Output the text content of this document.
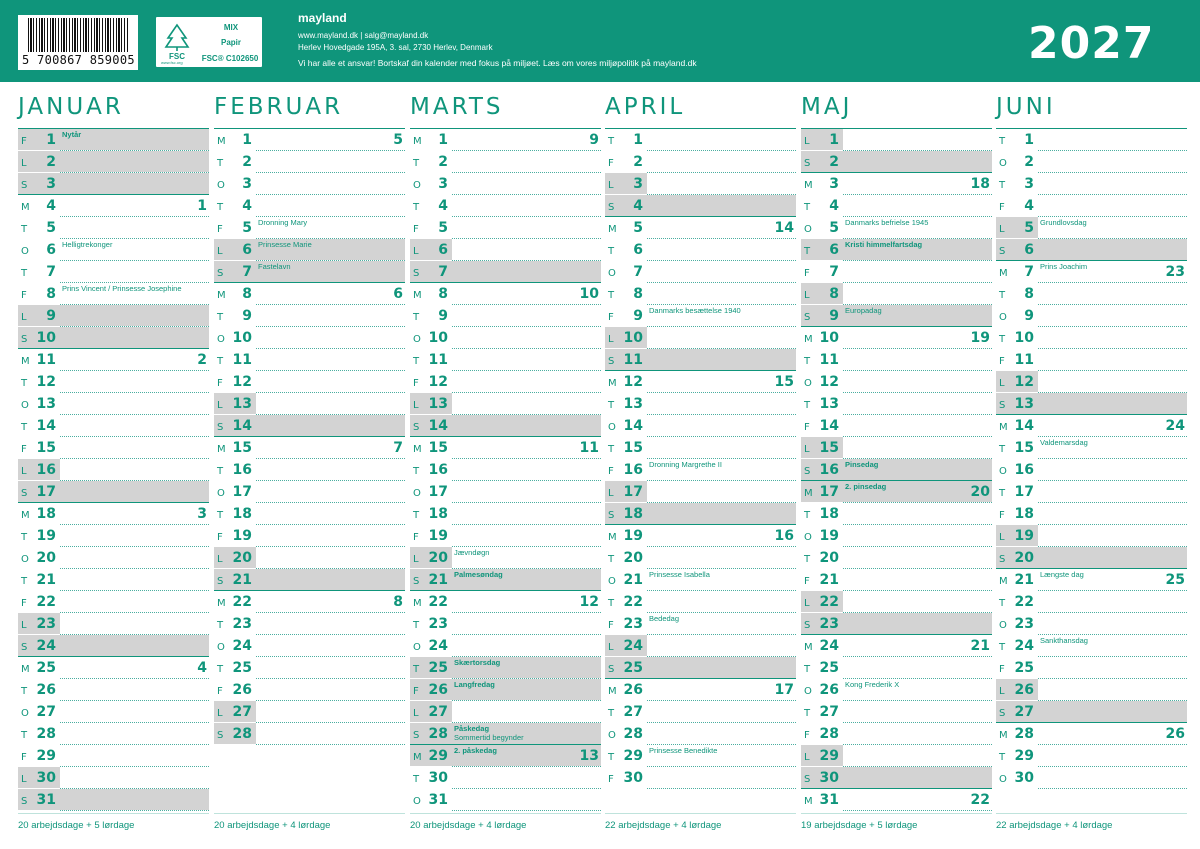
5 700867 859005	FSC
MIX
Papir
FSC® C102650
www.fsc.org
mayland
www.mayland.dk | salg@mayland.dk
Herlev Hovedgade 195A, 3. sal, 2730 Herlev, Denmark
Vi har alle et ansvar! Bortskaf din kalender med fokus på miljøet. Læs om vores miljøpolitik på mayland.dk	2027
JANUAR
F	1 Nytår
L	2
S	3
M	4	1
T	5
O	6 Helligtrekonger
T	7
F	8 Prins Vincent / Prinsesse Josephine
L	9
S 10
M 11	2
T 12
O 13
T 14
F 15
L 16
S 17
M 18	3
T 19
O 20
T 21
F 22
L 23
S 24
M 25	4
T 26
O 27
T 28
F 29
L 30
S 31
20 arbejdsdage + 5 lørdage
FEBRUAR
M	1	5
T	2
O	3
T	4
F	5 Dronning Mary
L	6 Prinsesse Marie
S	7 Fastelavn
M	8	6
T	9
O 10
T 11
F 12
L 13
S 14
M 15	7
T 16
O 17
T 18
F 19
L 20
S 21
M 22	8
T 23
O 24
T 25
F 26
L 27
S 28
20 arbejdsdage + 4 lørdage
MARTS
M	1	9
T	2
O	3
T	4
F	5
L	6
S	7
M	8	10
T	9
O 10
T 11
F 12
L 13
S 14
M 15	11
T 16
O 17
T 18
F 19
L 20 Jævndøgn
S 21 Palmesøndag
M 22	12
T 23
O 24
T 25 Skærtorsdag
F 26 Langfredag
L 27
S 28 Påskedag
Sommertid begynder
M 29 2. påskedag	13
T 30
O 31
20 arbejdsdage + 4 lørdage
APRIL
T	1
F	2
L	3
S	4
M	5	14
T	6
O	7
T	8
F	9 Danmarks besættelse 1940
L 10
S 11
M 12	15
T 13
O 14
T 15
F 16 Dronning Margrethe II
L 17
S 18
M 19	16
T 20
O 21 Prinsesse Isabella
T 22
F 23 Bededag
L 24
S 25
M 26	17
T 27
O 28
T 29 Prinsesse Benedikte
F 30
22 arbejdsdage + 4 lørdage
MAJ
L	1
S	2
M	3	18
T	4
O	5 Danmarks befrielse 1945
T	6 Kristi himmelfartsdag
F	7
L	8
S	9 Europadag
M 10	19
T 11
O 12
T 13
F 14
L 15
S 16 Pinsedag
M 17 2. pinsedag	20
T 18
O 19
T 20
F 21
L 22
S 23
M 24	21
T 25
O 26 Kong Frederik X
T 27
F 28
L 29
S 30
M 31	22
19 arbejdsdage + 5 lørdage
JUNI
T	1
O	2
T	3
F	4
L	5 Grundlovsdag
S	6
M	7 Prins Joachim	23
T	8
O	9
T 10
F 11
L 12
S 13
M 14	24
T 15 Valdemarsdag
O 16
T 17
F 18
L 19
S 20
M 21 Længste dag	25
T 22
O 23
T 24 Sankthansdag
F 25
L 26
S 27
M 28	26
T 29
O 30
22 arbejdsdage + 4 lørdage
